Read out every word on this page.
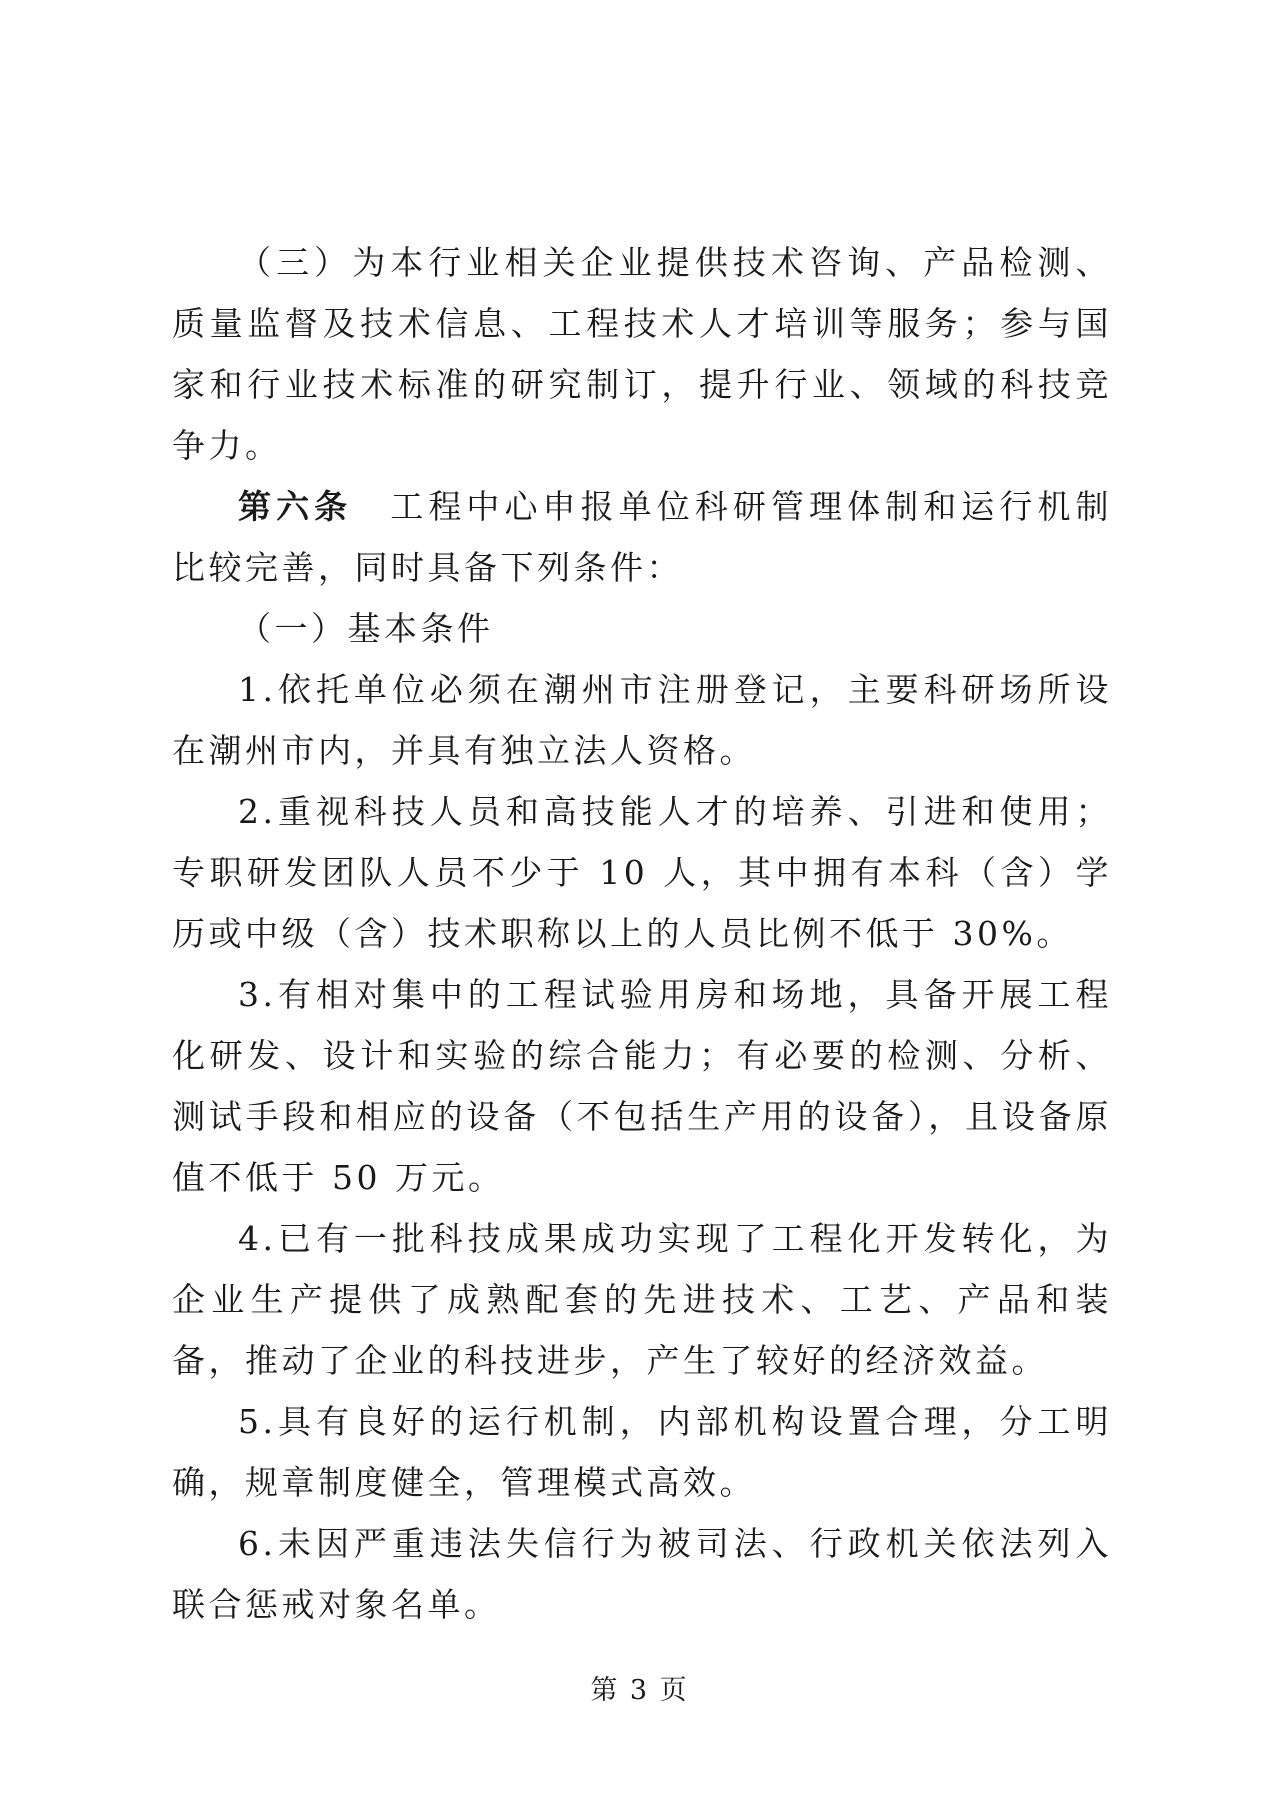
（三）为本行业相关企业提供技术咨询、产品检测、质量监督及技术信息、工程技术人才培训等服务；参与国家和行业技术标准的研究制订，提升行业、领域的科技竞争力。

第六条　工程中心申报单位科研管理体制和运行机制比较完善，同时具备下列条件：

（一）基本条件

1.依托单位必须在潮州市注册登记，主要科研场所设在潮州市内，并具有独立法人资格。

2.重视科技人员和高技能人才的培养、引进和使用；专职研发团队人员不少于 10 人，其中拥有本科（含）学历或中级（含）技术职称以上的人员比例不低于 30%。

3.有相对集中的工程试验用房和场地，具备开展工程化研发、设计和实验的综合能力；有必要的检测、分析、测试手段和相应的设备（不包括生产用的设备），且设备原值不低于 50 万元。

4.已有一批科技成果成功实现了工程化开发转化，为企业生产提供了成熟配套的先进技术、工艺、产品和装备，推动了企业的科技进步，产生了较好的经济效益。

5.具有良好的运行机制，内部机构设置合理，分工明确，规章制度健全，管理模式高效。

6.未因严重违法失信行为被司法、行政机关依法列入联合惩戒对象名单。

第 3 页
